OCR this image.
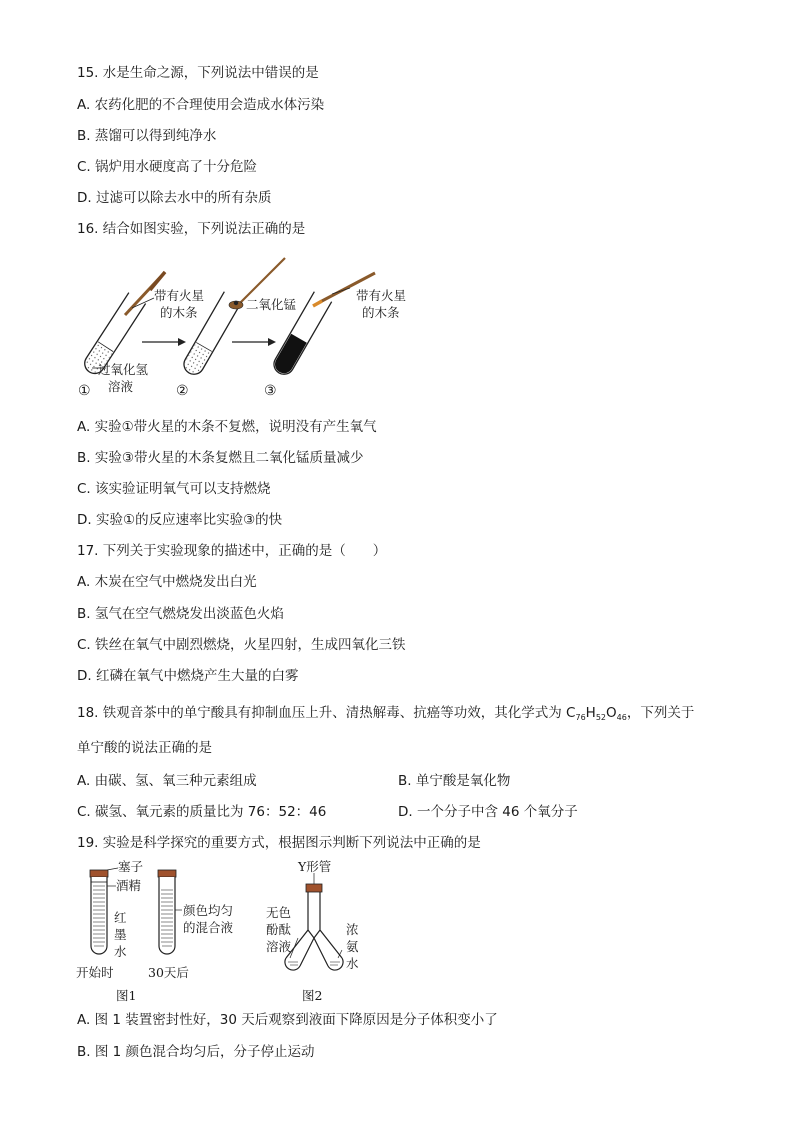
15. 水是生命之源，下列说法中错误的是
A. 农药化肥的不合理使用会造成水体污染
B. 蒸馏可以得到纯净水
C. 锅炉用水硬度高了十分危险
D. 过滤可以除去水中的所有杂质
16. 结合如图实验，下列说法正确的是
带有火星
的木条
过氧化氢
溶液
二氧化锰
带有火星
的木条
①	②	③
A. 实验①带火星的木条不复燃，说明没有产生氧气
B. 实验③带火星的木条复燃且二氧化锰质量减少
C. 该实验证明氧气可以支持燃烧
D. 实验①的反应速率比实验③的快
17. 下列关于实验现象的描述中，正确的是（　　）
A. 木炭在空气中燃烧发出白光
B. 氢气在空气燃烧发出淡蓝色火焰
C. 铁丝在氧气中剧烈燃烧，火星四射，生成四氧化三铁
D. 红磷在氧气中燃烧产生大量的白雾
18. 铁观音茶中的单宁酸具有抑制血压上升、清热解毒、抗癌等功效，其化学式为 $C_{76}H_{52}O_{46}$，下列关于
单宁酸的说法正确的是
A. 由碳、氢、氧三种元素组成	B. 单宁酸是氧化物
C. 碳氢、氧元素的质量比为 76：52：46	D. 一个分子中含 46 个氧分子
19. 实验是科学探究的重要方式，根据图示判断下列说法中正确的是
塞子
酒精
红
墨
水
颜色均匀
的混合液
开始时	30天后
图1
Y形管
无色
酚酞
溶液
浓
氨
水
图2
A. 图 1 装置密封性好，30 天后观察到液面下降原因是分子体积变小了
B. 图 1 颜色混合均匀后，分子停止运动
